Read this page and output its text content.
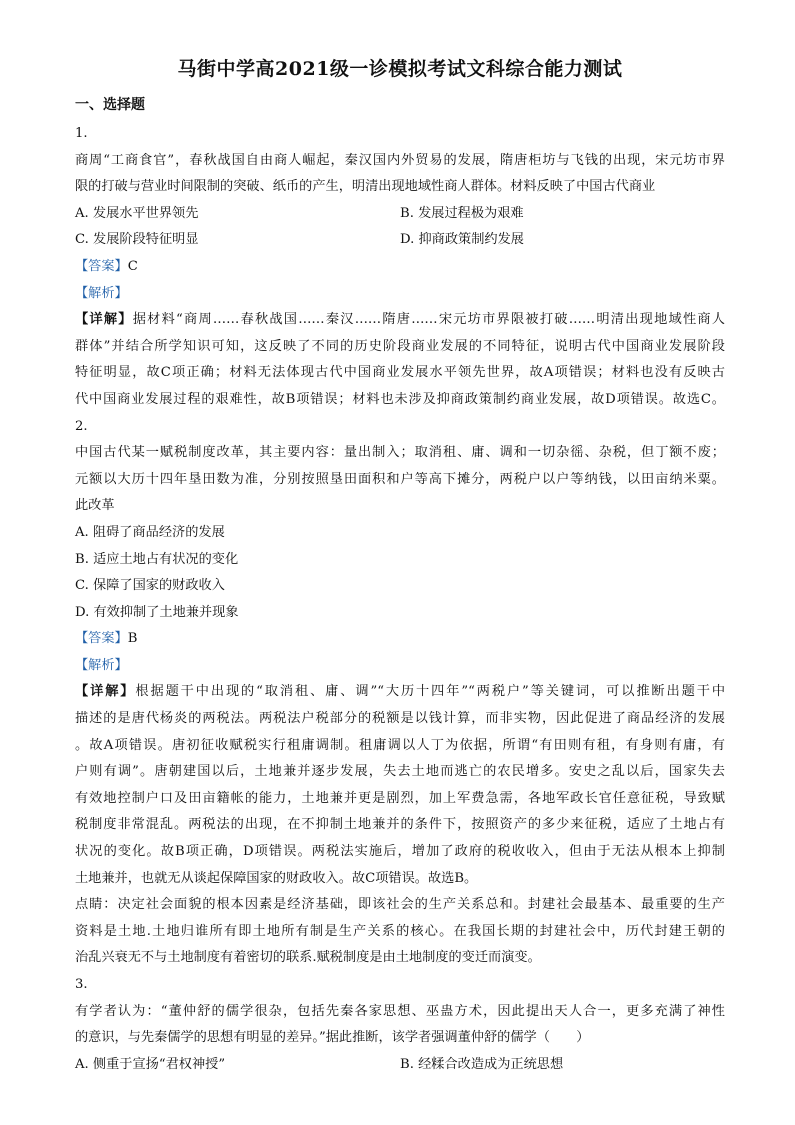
马街中学高2021级一诊模拟考试文科综合能力测试
一、选择题
1.
商周“工商食官”，春秋战国自由商人崛起，秦汉国内外贸易的发展，隋唐柜坊与飞钱的出现，宋元坊市界
限的打破与营业时间限制的突破、纸币的产生，明清出现地域性商人群体。材料反映了中国古代商业
A. 发展水平世界领先	B. 发展过程极为艰难
C. 发展阶段特征明显	D. 抑商政策制约发展
【答案】C
【解析】
【详解】据材料“商周……春秋战国……秦汉……隋唐……宋元坊市界限被打破……明清出现地域性商人
群体”并结合所学知识可知，这反映了不同的历史阶段商业发展的不同特征，说明古代中国商业发展阶段
特征明显，故C项正确；材料无法体现古代中国商业发展水平领先世界，故A项错误；材料也没有反映古
代中国商业发展过程的艰难性，故B项错误；材料也未涉及抑商政策制约商业发展，故D项错误。故选C。
2.
中国古代某一赋税制度改革，其主要内容：量出制入；取消租、庸、调和一切杂徭、杂税，但丁额不废；
元额以大历十四年垦田数为准，分别按照垦田面积和户等高下摊分，两税户以户等纳钱，以田亩纳米粟。
此改革
A. 阻碍了商品经济的发展
B. 适应土地占有状况的变化
C. 保障了国家的财政收入
D. 有效抑制了土地兼并现象
【答案】B
【解析】
【详解】根据题干中出现的“取消租、庸、调”“大历十四年”“两税户”等关键词，可以推断出题干中
描述的是唐代杨炎的两税法。两税法户税部分的税额是以钱计算，而非实物，因此促进了商品经济的发展
。故A项错误。唐初征收赋税实行租庸调制。租庸调以人丁为依据，所谓“有田则有租，有身则有庸，有
户则有调”。唐朝建国以后，土地兼并逐步发展，失去土地而逃亡的农民增多。安史之乱以后，国家失去
有效地控制户口及田亩籍帐的能力，土地兼并更是剧烈，加上军费急需，各地军政长官任意征税，导致赋
税制度非常混乱。两税法的出现，在不抑制土地兼并的条件下，按照资产的多少来征税，适应了土地占有
状况的变化。故B项正确，D项错误。两税法实施后，增加了政府的税收收入，但由于无法从根本上抑制
土地兼并，也就无从谈起保障国家的财政收入。故C项错误。故选B。
点睛：决定社会面貌的根本因素是经济基础，即该社会的生产关系总和。封建社会最基本、最重要的生产
资料是土地.土地归谁所有即土地所有制是生产关系的核心。在我国长期的封建社会中，历代封建王朝的
治乱兴衰无不与土地制度有着密切的联系.赋税制度是由土地制度的变迁而演变。
3.
有学者认为：“董仲舒的儒学很杂，包括先秦各家思想、巫蛊方术，因此提出天人合一，更多充满了神性
的意识，与先秦儒学的思想有明显的差异。”据此推断，该学者强调董仲舒的儒学（　　）
A. 侧重于宣扬“君权神授”	B. 经糅合改造成为正统思想
